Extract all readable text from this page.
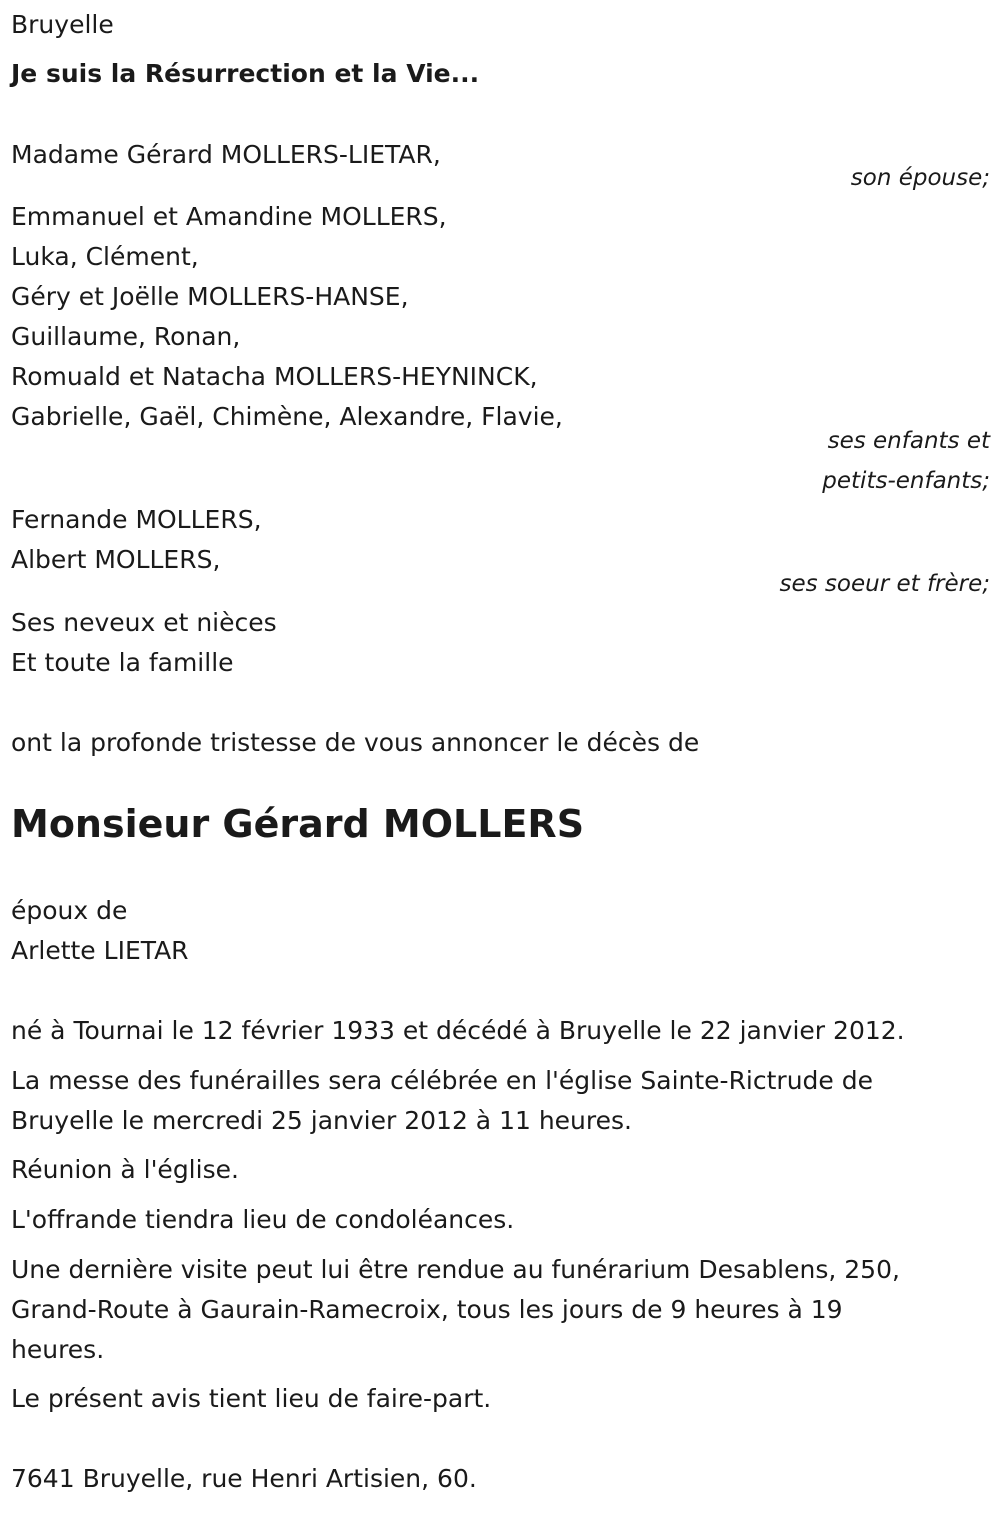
Bruyelle
Je suis la Résurrection et la Vie...
Madame Gérard MOLLERS-LIETAR,
son épouse;
Emmanuel et Amandine MOLLERS,
Luka, Clément,
Géry et Joëlle MOLLERS-HANSE,
Guillaume, Ronan,
Romuald et Natacha MOLLERS-HEYNINCK,
Gabrielle, Gaël, Chimène, Alexandre, Flavie,
ses enfants et
petits-enfants;
Fernande MOLLERS,
Albert MOLLERS,
ses soeur et frère;
Ses neveux et nièces
Et toute la famille
ont la profonde tristesse de vous annoncer le décès de
Monsieur Gérard MOLLERS
époux de
Arlette LIETAR
né à Tournai le 12 février 1933 et décédé à Bruyelle le 22 janvier 2012.
La messe des funérailles sera célébrée en l'église Sainte-Rictrude de
Bruyelle le mercredi 25 janvier 2012 à 11 heures.
Réunion à l'église.
L'offrande tiendra lieu de condoléances.
Une dernière visite peut lui être rendue au funérarium Desablens, 250,
Grand-Route à Gaurain-Ramecroix, tous les jours de 9 heures à 19
heures.
Le présent avis tient lieu de faire-part.
7641 Bruyelle, rue Henri Artisien, 60.
